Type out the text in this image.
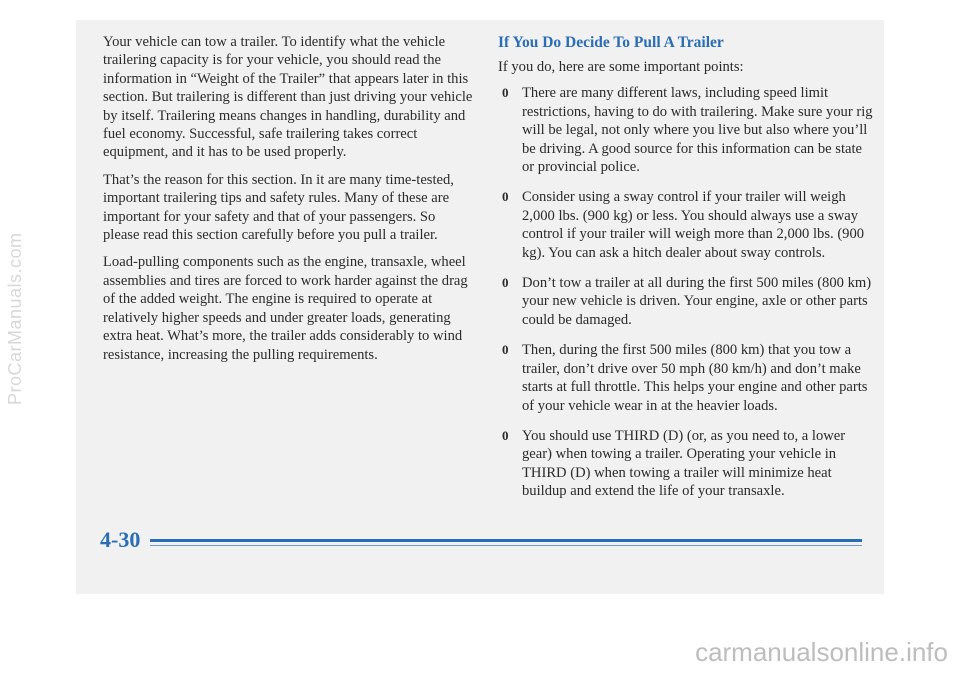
Your vehicle can tow a trailer. To identify what the vehicle trailering capacity is for your vehicle, you should read the information in “Weight of the Trailer” that appears later in this section. But trailering is different than just driving your vehicle by itself. Trailering means changes in handling, durability and fuel economy. Successful, safe trailering takes correct equipment, and it has to be used properly.

That’s the reason for this section. In it are many time-tested, important trailering tips and safety rules. Many of these are important for your safety and that of your passengers. So please read this section carefully before you pull a trailer.

Load-pulling components such as the engine, transaxle, wheel assemblies and tires are forced to work harder against the drag of the added weight. The engine is required to operate at relatively higher speeds and under greater loads, generating extra heat. What’s more, the trailer adds considerably to wind resistance, increasing the pulling requirements.

If You Do Decide To Pull A Trailer

If you do, here are some important points:

0 There are many different laws, including speed limit restrictions, having to do with trailering. Make sure your rig will be legal, not only where you live but also where you’ll be driving. A good source for this information can be state or provincial police.
0 Consider using a sway control if your trailer will weigh 2,000 lbs. (900 kg) or less. You should always use a sway control if your trailer will weigh more than 2,000 lbs. (900 kg). You can ask a hitch dealer about sway controls.
0 Don’t tow a trailer at all during the first 500 miles (800 km) your new vehicle is driven. Your engine, axle or other parts could be damaged.
0 Then, during the first 500 miles (800 km) that you tow a trailer, don’t drive over 50 mph (80 km/h) and don’t make starts at full throttle. This helps your engine and other parts of your vehicle wear in at the heavier loads.
0 You should use THIRD (D) (or, as you need to, a lower gear) when towing a trailer. Operating your vehicle in THIRD (D) when towing a trailer will minimize heat buildup and extend the life of your transaxle.
4-30
ProCarManuals.com
carmanualsonline.info
